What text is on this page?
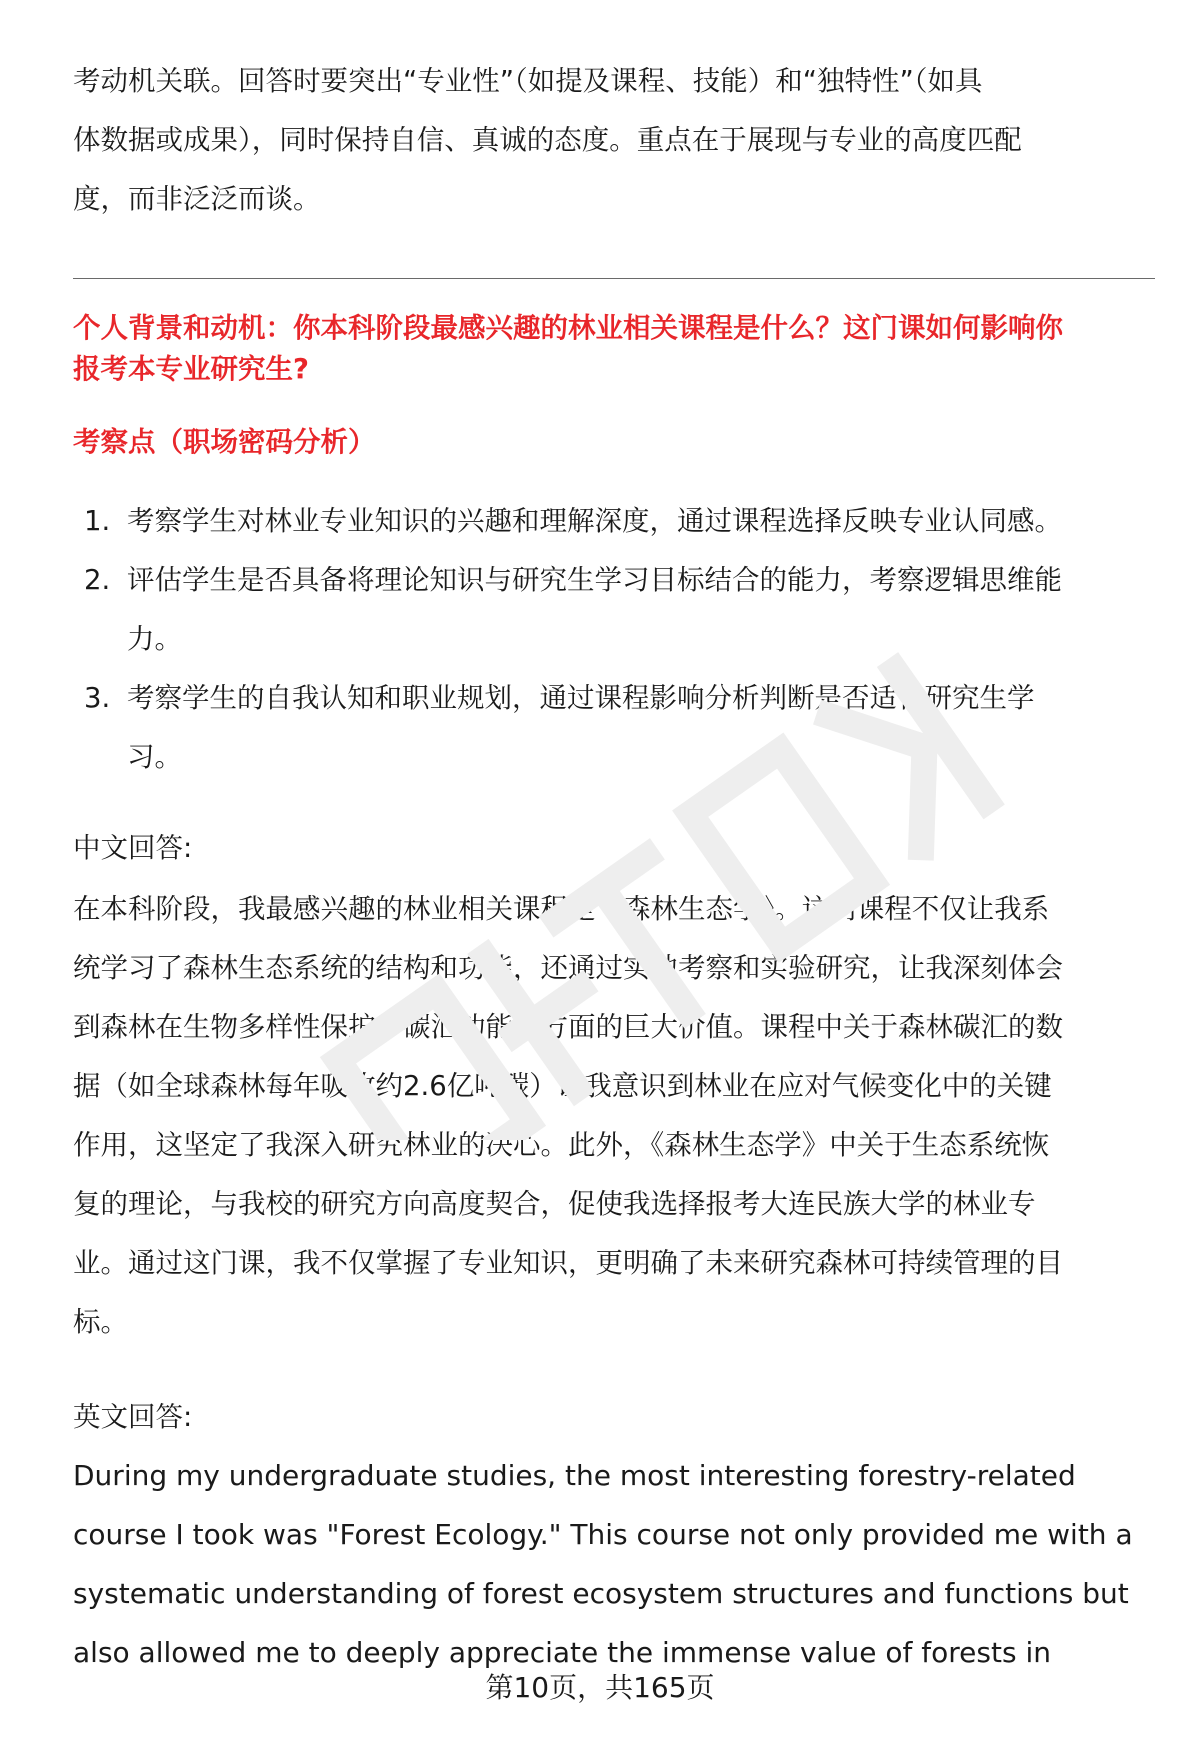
考动机关联。回答时要突出“专业性”（如提及课程、技能）和“独特性”（如具

体数据或成果），同时保持自信、真诚的态度。重点在于展现与专业的高度匹配

度，而非泛泛而谈。

个人背景和动机：你本科阶段最感兴趣的林业相关课程是什么？这门课如何影响你
报考本专业研究生?

考察点（职场密码分析）

1. 考察学生对林业专业知识的兴趣和理解深度，通过课程选择反映专业认同感。
2. 评估学生是否具备将理论知识与研究生学习目标结合的能力，考察逻辑思维能
力。
3. 考察学生的自我认知和职业规划，通过课程影响分析判断是否适合研究生学
习。

中文回答:

在本科阶段，我最感兴趣的林业相关课程是《森林生态学》。这门课程不仅让我系

统学习了森林生态系统的结构和功能，还通过实地考察和实验研究，让我深刻体会

到森林在生物多样性保护、碳汇功能等方面的巨大价值。课程中关于森林碳汇的数

据（如全球森林每年吸收约2.6亿吨碳）让我意识到林业在应对气候变化中的关键

作用，这坚定了我深入研究林业的决心。此外，《森林生态学》中关于生态系统恢

复的理论，与我校的研究方向高度契合，促使我选择报考大连民族大学的林业专

业。通过这门课，我不仅掌握了专业知识，更明确了未来研究森林可持续管理的目

标。

英文回答:

During my undergraduate studies, the most interesting forestry-related

course I took was "Forest Ecology." This course not only provided me with a

systematic understanding of forest ecosystem structures and functions but

also allowed me to deeply appreciate the immense value of forests in

第10页，共165页
